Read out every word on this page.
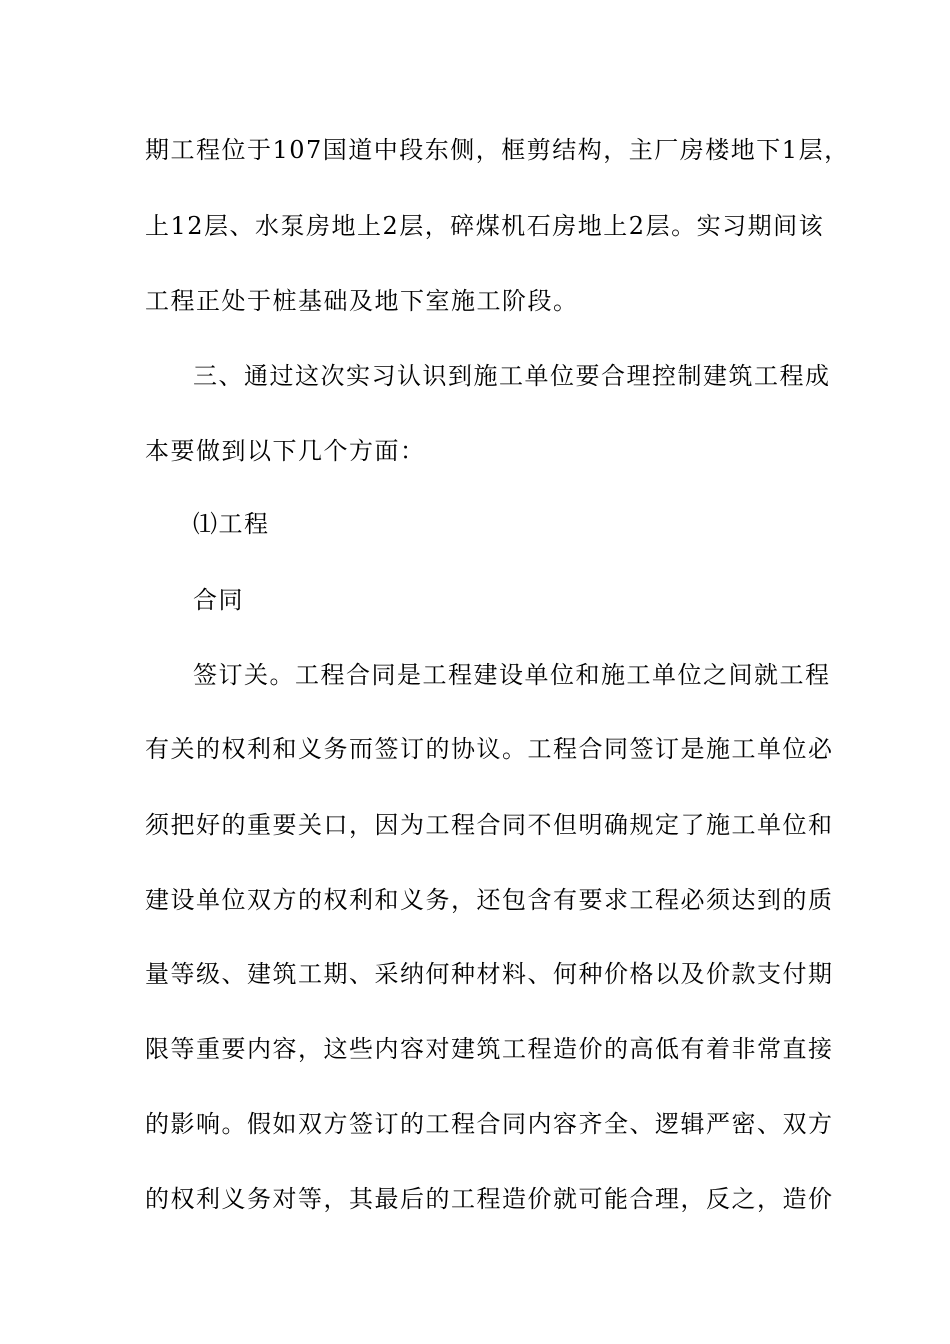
期工程位于107国道中段东侧，框剪结构，主厂房楼地下1层，
上12层、水泵房地上2层，碎煤机石房地上2层。实习期间该
工程正处于桩基础及地下室施工阶段。
三、通过这次实习认识到施工单位要合理控制建筑工程成
本要做到以下几个方面：
⑴工程
合同
签订关。工程合同是工程建设单位和施工单位之间就工程
有关的权利和义务而签订的协议。工程合同签订是施工单位必
须把好的重要关口，因为工程合同不但明确规定了施工单位和
建设单位双方的权利和义务，还包含有要求工程必须达到的质
量等级、建筑工期、采纳何种材料、何种价格以及价款支付期
限等重要内容，这些内容对建筑工程造价的高低有着非常直接
的影响。假如双方签订的工程合同内容齐全、逻辑严密、双方
的权利义务对等，其最后的工程造价就可能合理，反之，造价
